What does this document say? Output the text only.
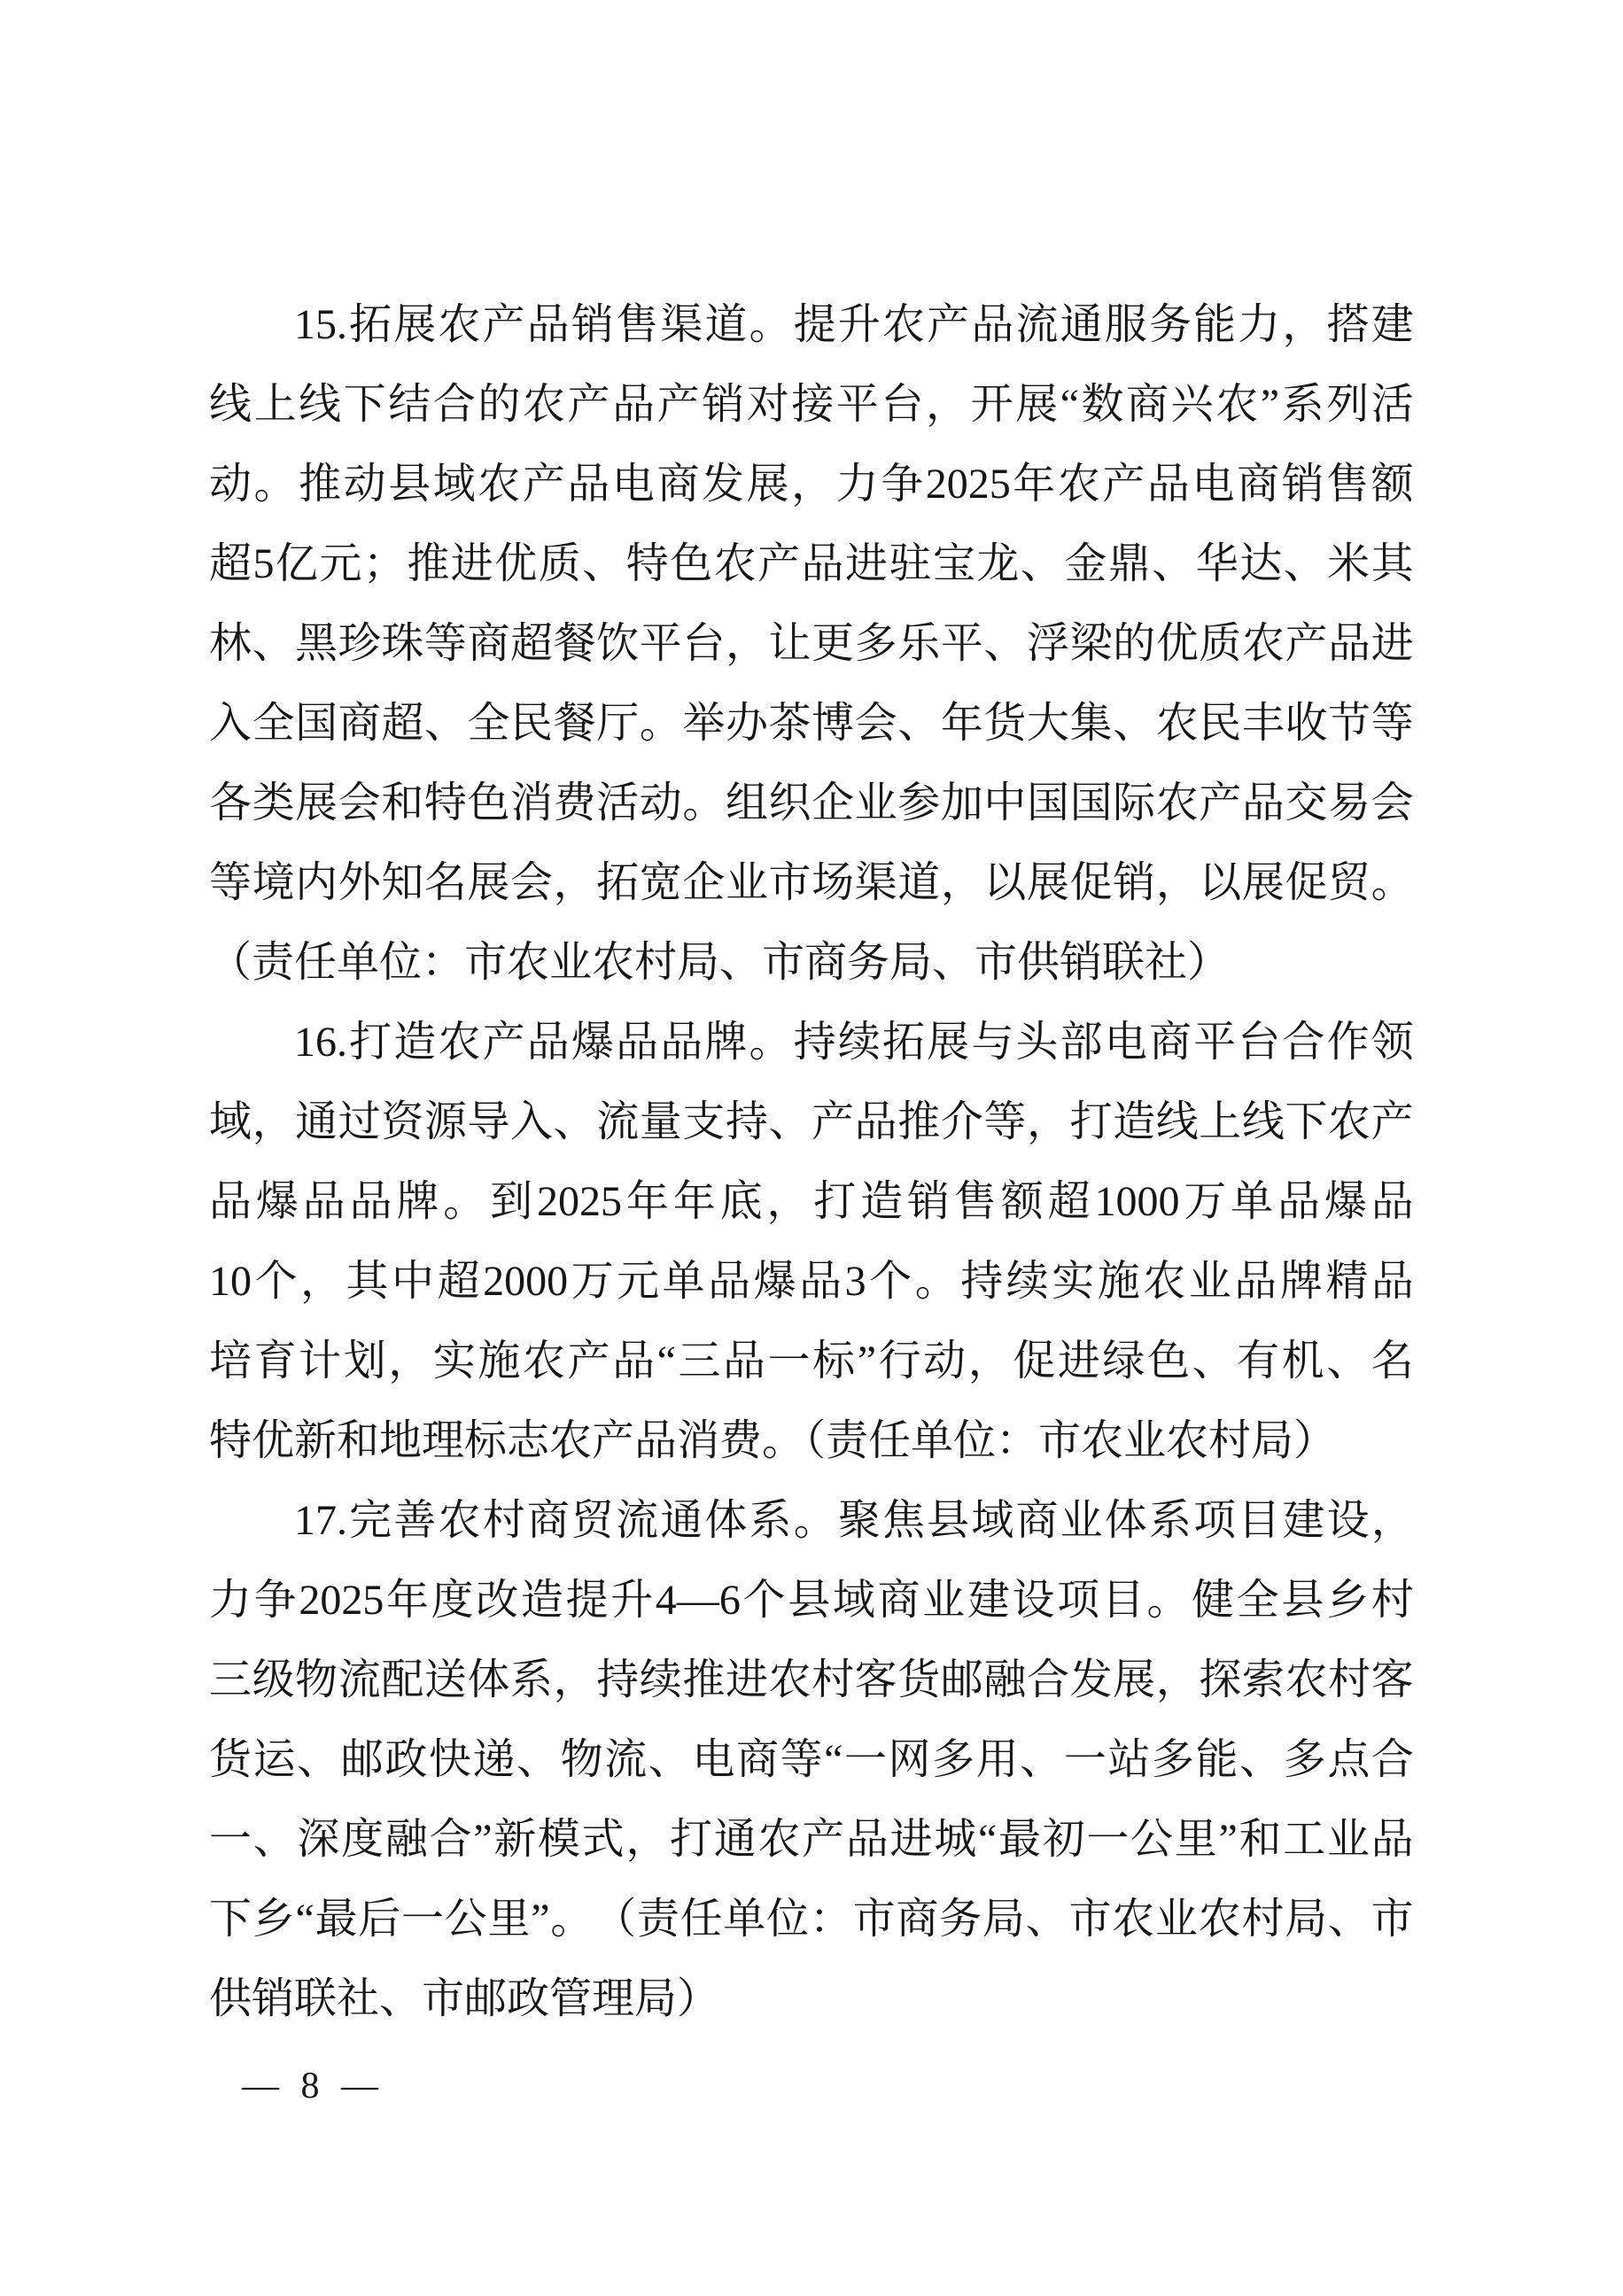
15. 拓 展 农 产 品 销 售 渠 道 。 提 升 农 产 品 流 通 服 务 能 力 ， 搭 建
线 上 线 下 结 合 的 农 产 品 产 销 对 接 平 台 ， 开 展 “ 数 商 兴 农 ” 系 列 活
动 。 推 动 县 域 农 产 品 电 商 发 展 ， 力 争 2025 年 农 产 品 电 商 销 售 额
超 5 亿 元 ； 推 进 优 质 、 特 色 农 产 品 进 驻 宝 龙 、 金 鼎 、 华 达 、 米 其
林 、 黑 珍 珠 等 商 超 餐 饮 平 台 ， 让 更 多 乐 平 、 浮 梁 的 优 质 农 产 品 进
入 全 国 商 超 、 全 民 餐 厅 。 举 办 茶 博 会 、 年 货 大 集 、 农 民 丰 收 节 等
各 类 展 会 和 特 色 消 费 活 动 。 组 织 企 业 参 加 中 国 国 际 农 产 品 交 易 会
等 境 内 外 知 名 展 会 ， 拓 宽 企 业 市 场 渠 道 ， 以 展 促 销 ， 以 展 促 贸 。
（责任单位：市农业农村局、市商务局、市供销联社）
16. 打 造 农 产 品 爆 品 品 牌 。 持 续 拓 展 与 头 部 电 商 平 台 合 作 领
域 ， 通 过 资 源 导 入 、 流 量 支 持 、 产 品 推 介 等 ， 打 造 线 上 线 下 农 产
品 爆 品 品 牌 。 到 2025 年 年 底 ， 打 造 销 售 额 超 1000 万 单 品 爆 品
10 个 ， 其 中 超 2000 万 元 单 品 爆 品 3 个 。 持 续 实 施 农 业 品 牌 精 品
培 育 计 划 ， 实 施 农 产 品 “ 三 品 一 标 ” 行 动 ， 促 进 绿 色 、 有 机 、 名
特优新和地理标志农产品消费。（责任单位：市农业农村局）
17. 完 善 农 村 商 贸 流 通 体 系 。 聚 焦 县 域 商 业 体 系 项 目 建 设 ，
力 争 2025 年 度 改 造 提 升 4—6 个 县 域 商 业 建 设 项 目 。 健 全 县 乡 村
三 级 物 流 配 送 体 系 ， 持 续 推 进 农 村 客 货 邮 融 合 发 展 ， 探 索 农 村 客
货 运 、 邮 政 快 递 、 物 流 、 电 商 等 “ 一 网 多 用 、 一 站 多 能 、 多 点 合
一 、 深 度 融 合 ” 新 模 式 ， 打 通 农 产 品 进 城 “ 最 初 一 公 里 ” 和 工 业 品
下 乡 “ 最 后 一 公 里 ” 。 （ 责 任 单 位 ： 市 商 务 局 、 市 农 业 农 村 局 、 市
供销联社、市邮政管理局）
— 8 —
